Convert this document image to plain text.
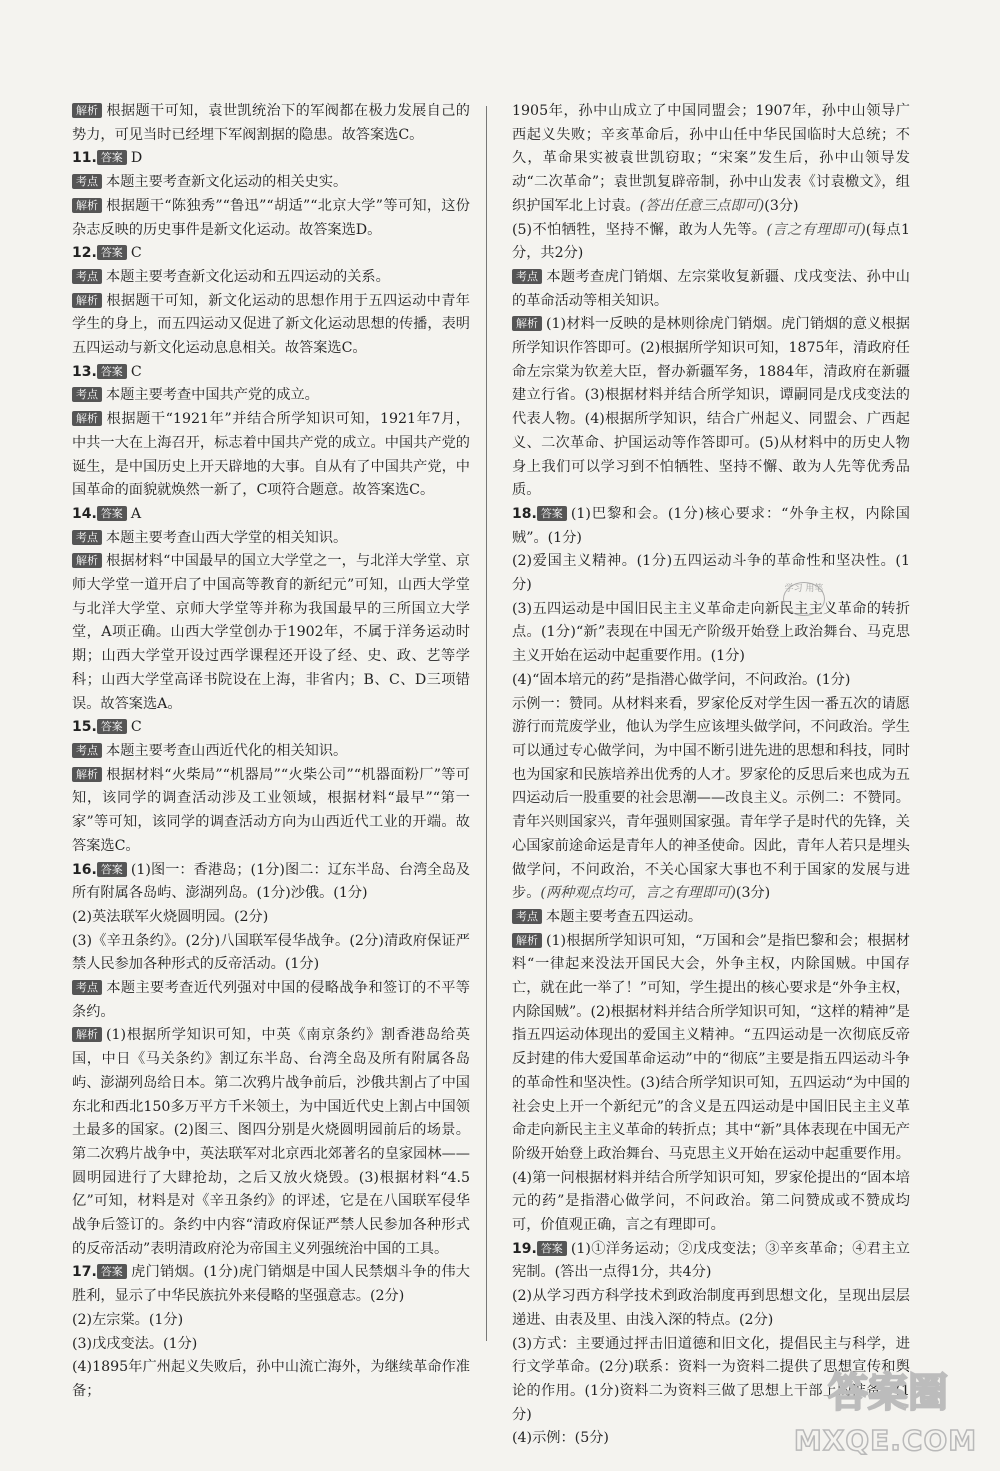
解析 根据题干可知，袁世凯统治下的军阀都在极力发展自己的势力，可见当时已经埋下军阀割据的隐患。故答案选C。

11. 答案 D

考点 本题主要考查新文化运动的相关史实。

解析 根据题干“陈独秀”“鲁迅”“胡适”“北京大学”等可知，这份杂志反映的历史事件是新文化运动。故答案选D。

12. 答案 C

考点 本题主要考查新文化运动和五四运动的关系。

解析 根据题干可知，新文化运动的思想作用于五四运动中青年学生的身上，而五四运动又促进了新文化运动思想的传播，表明五四运动与新文化运动息息相关。故答案选C。

13. 答案 C

考点 本题主要考查中国共产党的成立。

解析 根据题干“1921年”并结合所学知识可知，1921年7月，中共一大在上海召开，标志着中国共产党的成立。中国共产党的诞生，是中国历史上开天辟地的大事。自从有了中国共产党，中国革命的面貌就焕然一新了，C项符合题意。故答案选C。

14. 答案 A

考点 本题主要考查山西大学堂的相关知识。

解析 根据材料“中国最早的国立大学堂之一，与北洋大学堂、京师大学堂一道开启了中国高等教育的新纪元”可知，山西大学堂与北洋大学堂、京师大学堂等并称为我国最早的三所国立大学堂，A项正确。山西大学堂创办于1902年，不属于洋务运动时期；山西大学堂开设过西学课程还开设了经、史、政、艺等学科；山西大学堂高译书院设在上海，非省内；B、C、D三项错误。故答案选A。

15. 答案 C

考点 本题主要考查山西近代化的相关知识。

解析 根据材料“火柴局”“机器局”“火柴公司”“机器面粉厂”等可知，该同学的调查活动涉及工业领域，根据材料“最早”“第一家”等可知，该同学的调查活动方向为山西近代工业的开端。故答案选C。

16. 答案 (1)图一：香港岛；(1分)图二：辽东半岛、台湾全岛及所有附属各岛屿、澎湖列岛。(1分)沙俄。(1分)

(2)英法联军火烧圆明园。(2分)

(3)《辛丑条约》。(2分)八国联军侵华战争。(2分)清政府保证严禁人民参加各种形式的反帝活动。(1分)

考点 本题主要考查近代列强对中国的侵略战争和签订的不平等条约。

解析 (1)根据所学知识可知，中英《南京条约》割香港岛给英国，中日《马关条约》割辽东半岛、台湾全岛及所有附属各岛屿、澎湖列岛给日本。第二次鸦片战争前后，沙俄共割占了中国东北和西北150多万平方千米领土，为中国近代史上割占中国领土最多的国家。(2)图三、图四分别是火烧圆明园前后的场景。第二次鸦片战争中，英法联军对北京西北郊著名的皇家园林——圆明园进行了大肆抢劫，之后又放火烧毁。(3)根据材料“4.5亿”可知，材料是对《辛丑条约》的评述，它是在八国联军侵华战争后签订的。条约中内容“清政府保证严禁人民参加各种形式的反帝活动”表明清政府沦为帝国主义列强统治中国的工具。

17. 答案 虎门销烟。(1分)虎门销烟是中国人民禁烟斗争的伟大胜利，显示了中华民族抗外来侵略的坚强意志。(2分)

(2)左宗棠。(1分)

(3)戊戌变法。(1分)

(4)1895年广州起义失败后，孙中山流亡海外，为继续革命作准备；

1905年，孙中山成立了中国同盟会；1907年，孙中山领导广西起义失败；辛亥革命后，孙中山任中华民国临时大总统；不久，革命果实被袁世凯窃取；“宋案”发生后，孙中山领导发动“二次革命”；袁世凯复辟帝制，孙中山发表《讨袁檄文》，组织护国军北上讨袁。(答出任意三点即可)(3分)

(5)不怕牺牲，坚持不懈，敢为人先等。(言之有理即可)(每点1分，共2分)

考点 本题考查虎门销烟、左宗棠收复新疆、戊戌变法、孙中山的革命活动等相关知识。

解析 (1)材料一反映的是林则徐虎门销烟。虎门销烟的意义根据所学知识作答即可。(2)根据所学知识可知，1875年，清政府任命左宗棠为钦差大臣，督办新疆军务，1884年，清政府在新疆建立行省。(3)根据材料并结合所学知识，谭嗣同是戊戌变法的代表人物。(4)根据所学知识，结合广州起义、同盟会、广西起义、二次革命、护国运动等作答即可。(5)从材料中的历史人物身上我们可以学习到不怕牺牲、坚持不懈、敢为人先等优秀品质。

18. 答案 (1)巴黎和会。(1分)核心要求：“外争主权，内除国贼”。(1分)

(2)爱国主义精神。(1分)五四运动斗争的革命性和坚决性。(1分)

(3)五四运动是中国旧民主主义革命走向新民主主义革命的转折点。(1分)“新”表现在中国无产阶级开始登上政治舞台、马克思主义开始在运动中起重要作用。(1分)

(4)“固本培元的药”是指潜心做学问，不问政治。(1分)

示例一：赞同。从材料来看，罗家伦反对学生因一番五次的请愿游行而荒废学业，他认为学生应该埋头做学问，不问政治。学生可以通过专心做学问，为中国不断引进先进的思想和科技，同时也为国家和民族培养出优秀的人才。罗家伦的反思后来也成为五四运动后一股重要的社会思潮——改良主义。示例二：不赞同。青年兴则国家兴，青年强则国家强。青年学子是时代的先锋，关心国家前途命运是青年人的神圣使命。因此，青年人若只是埋头做学问，不问政治，不关心国家大事也不利于国家的发展与进步。(两种观点均可，言之有理即可)(3分)

考点 本题主要考查五四运动。

解析 (1)根据所学知识可知，“万国和会”是指巴黎和会；根据材料“一律起来没法开国民大会，外争主权，内除国贼。中国存亡，就在此一举了！”可知，学生提出的核心要求是“外争主权，内除国贼”。(2)根据材料并结合所学知识可知，“这样的精神”是指五四运动体现出的爱国主义精神。“五四运动是一次彻底反帝反封建的伟大爱国革命运动”中的“彻底”主要是指五四运动斗争的革命性和坚决性。(3)结合所学知识可知，五四运动“为中国的社会史上开一个新纪元”的含义是五四运动是中国旧民主主义革命走向新民主主义革命的转折点；其中“新”具体表现在中国无产阶级开始登上政治舞台、马克思主义开始在运动中起重要作用。(4)第一问根据材料并结合所学知识可知，罗家伦提出的“固本培元的药”是指潜心做学问，不问政治。第二问赞成或不赞成均可，价值观正确，言之有理即可。

19. 答案 (1)①洋务运动；②戊戌变法；③辛亥革命；④君主立宪制。(答出一点得1分，共4分)

(2)从学习西方科学技术到政治制度再到思想文化，呈现出层层递进、由表及里、由浅入深的特点。(2分)

(3)方式：主要通过抨击旧道德和旧文化，提倡民主与科学，进行文学革命。(2分)联系：资料一为资料二提供了思想宣传和舆论的作用。(1分)资料二为资料三做了思想上干部上的准备。(1分)

(4)示例：(5分)

学习 用笔
答案圈
MXQE.COM
